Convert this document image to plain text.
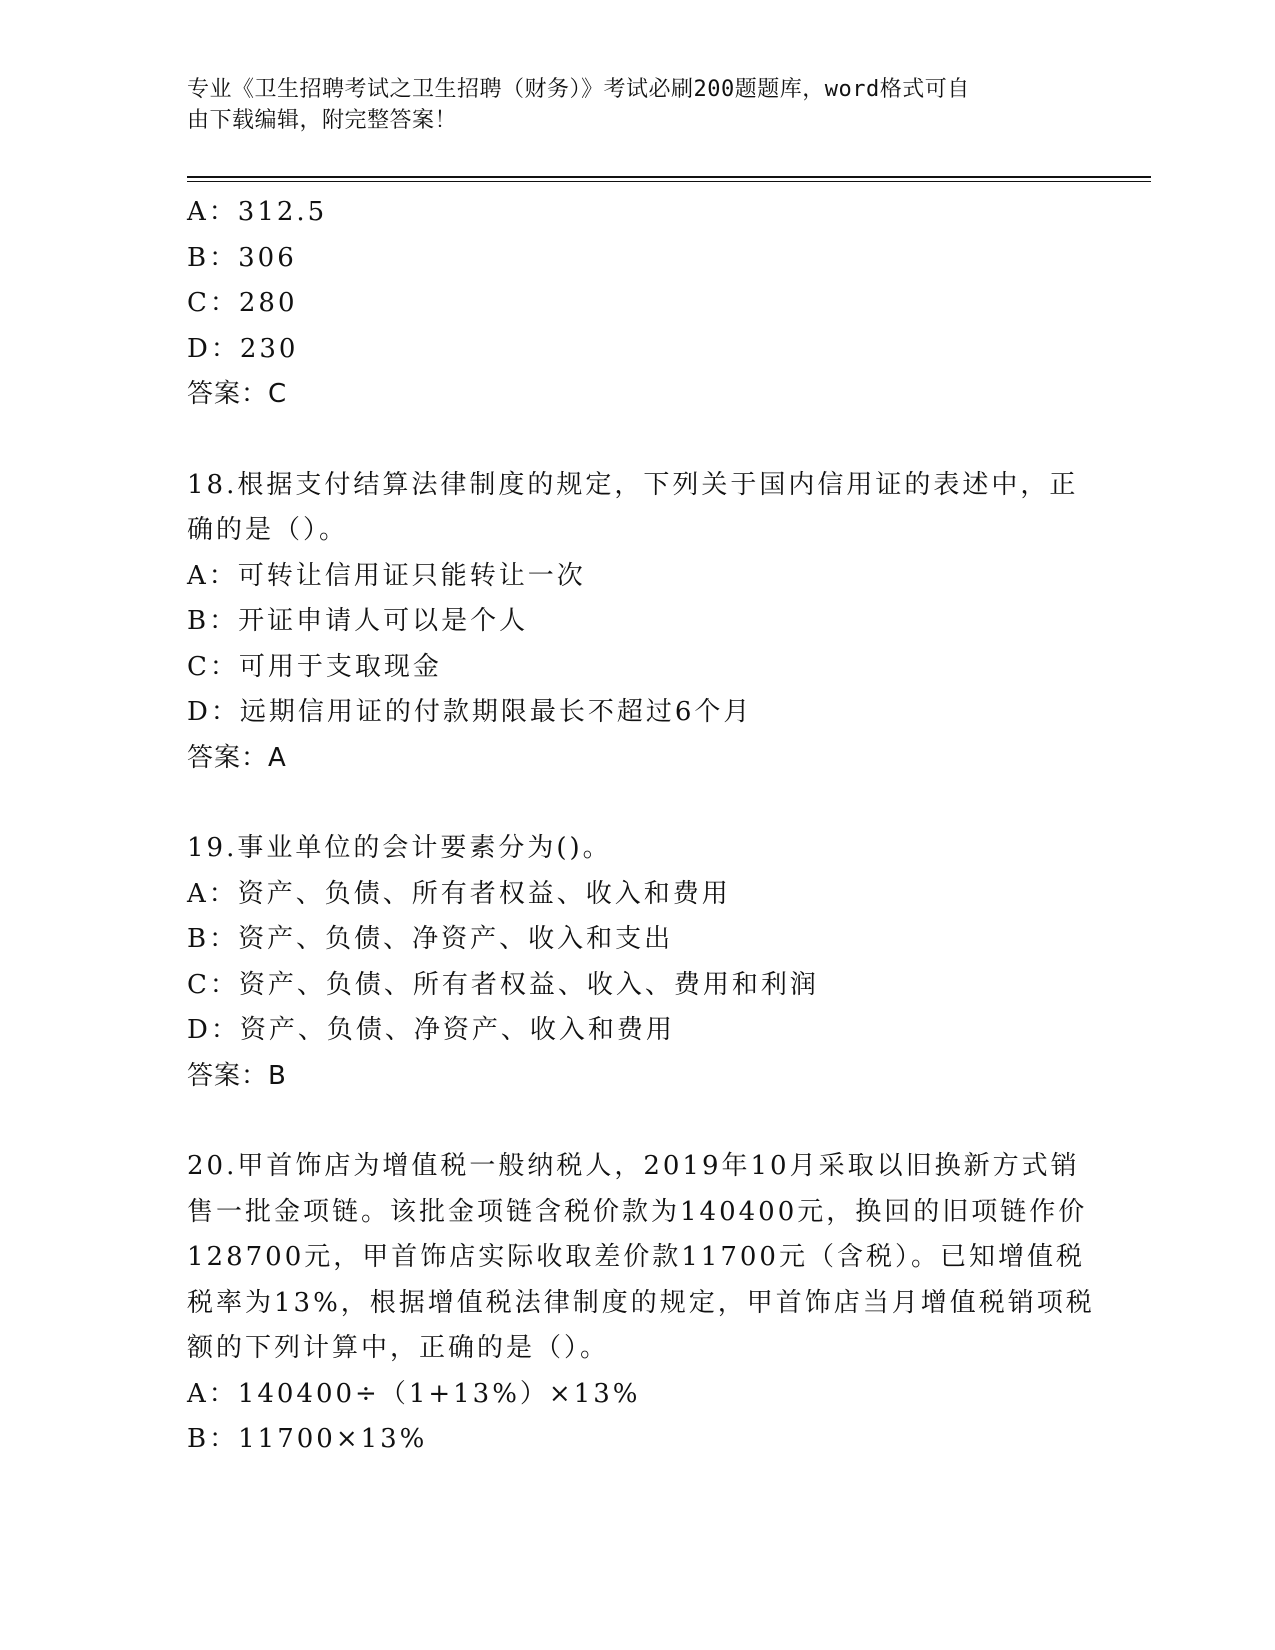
专业《卫生招聘考试之卫生招聘（财务）》考试必刷200题题库，word格式可自
由下载编辑，附完整答案！
A：312.5
B：306
C：280
D：230
答案：C
18.根据支付结算法律制度的规定，下列关于国内信用证的表述中，正
确的是（）。
A：可转让信用证只能转让一次
B：开证申请人可以是个人
C：可用于支取现金
D：远期信用证的付款期限最长不超过6个月
答案：A
19.事业单位的会计要素分为()。
A：资产、负债、所有者权益、收入和费用
B：资产、负债、净资产、收入和支出
C：资产、负债、所有者权益、收入、费用和利润
D：资产、负债、净资产、收入和费用
答案：B
20.甲首饰店为增值税一般纳税人，2019年10月采取以旧换新方式销
售一批金项链。该批金项链含税价款为140400元，换回的旧项链作价
128700元，甲首饰店实际收取差价款11700元（含税）。已知增值税
税率为13%，根据增值税法律制度的规定，甲首饰店当月增值税销项税
额的下列计算中，正确的是（）。
A：140400÷（1+13%）×13%
B：11700×13%
